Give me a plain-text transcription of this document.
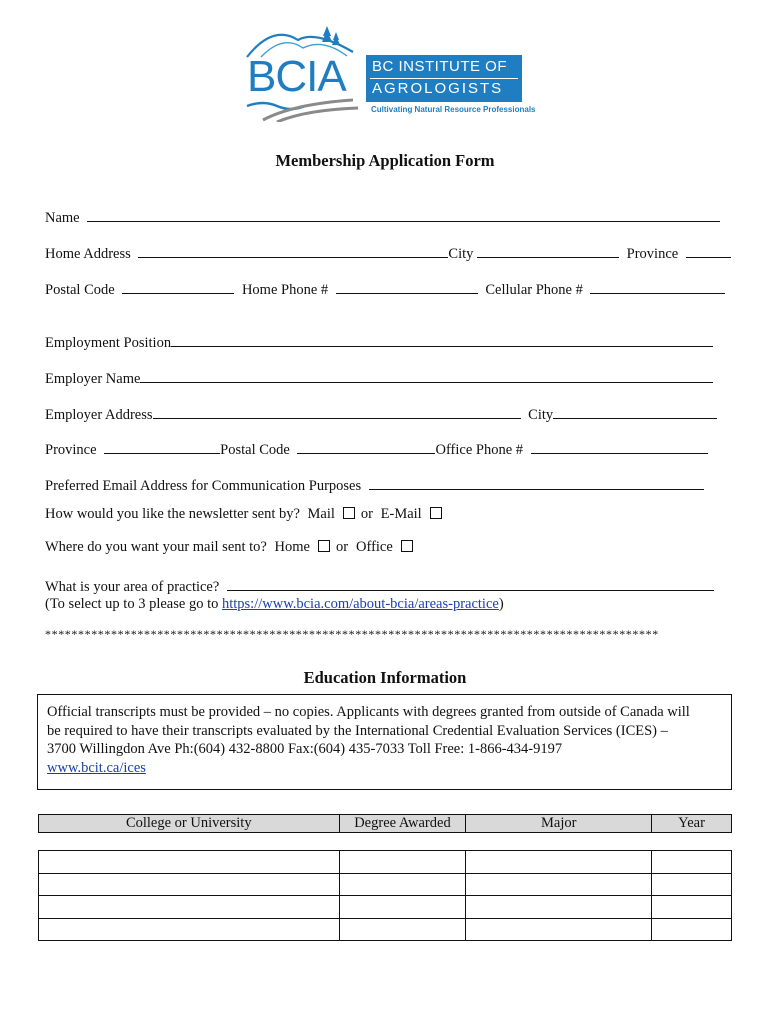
BCIA BC INSTITUTE OF
AGROLOGISTS
Cultivating Natural Resource Professionals
Membership Application Form
Name
Home Address	City	Province
Postal Code	Home Phone #	Cellular Phone #
Employment Position
Employer Name
Employer Address	City
Province	Postal Code	Office Phone #
Preferred Email Address for Communication Purposes
How would you like the newsletter sent by? Mail or E-Mail
Where do you want your mail sent to? Home or Office
What is your area of practice?
(To select up to 3 please go to https://www.bcia.com/about-bcia/areas-practice)
*********************************************************************************************
Education Information
Official transcripts must be provided – no copies. Applicants with degrees granted from outside of Canada will
be required to have their transcripts evaluated by the International Credential Evaluation Services (ICES) –
3700 Willingdon Ave Ph:(604) 432-8800 Fax:(604) 435-7033 Toll Free: 1-866-434-9197
www.bcit.ca/ices
College or University	Degree Awarded	Major	Year
